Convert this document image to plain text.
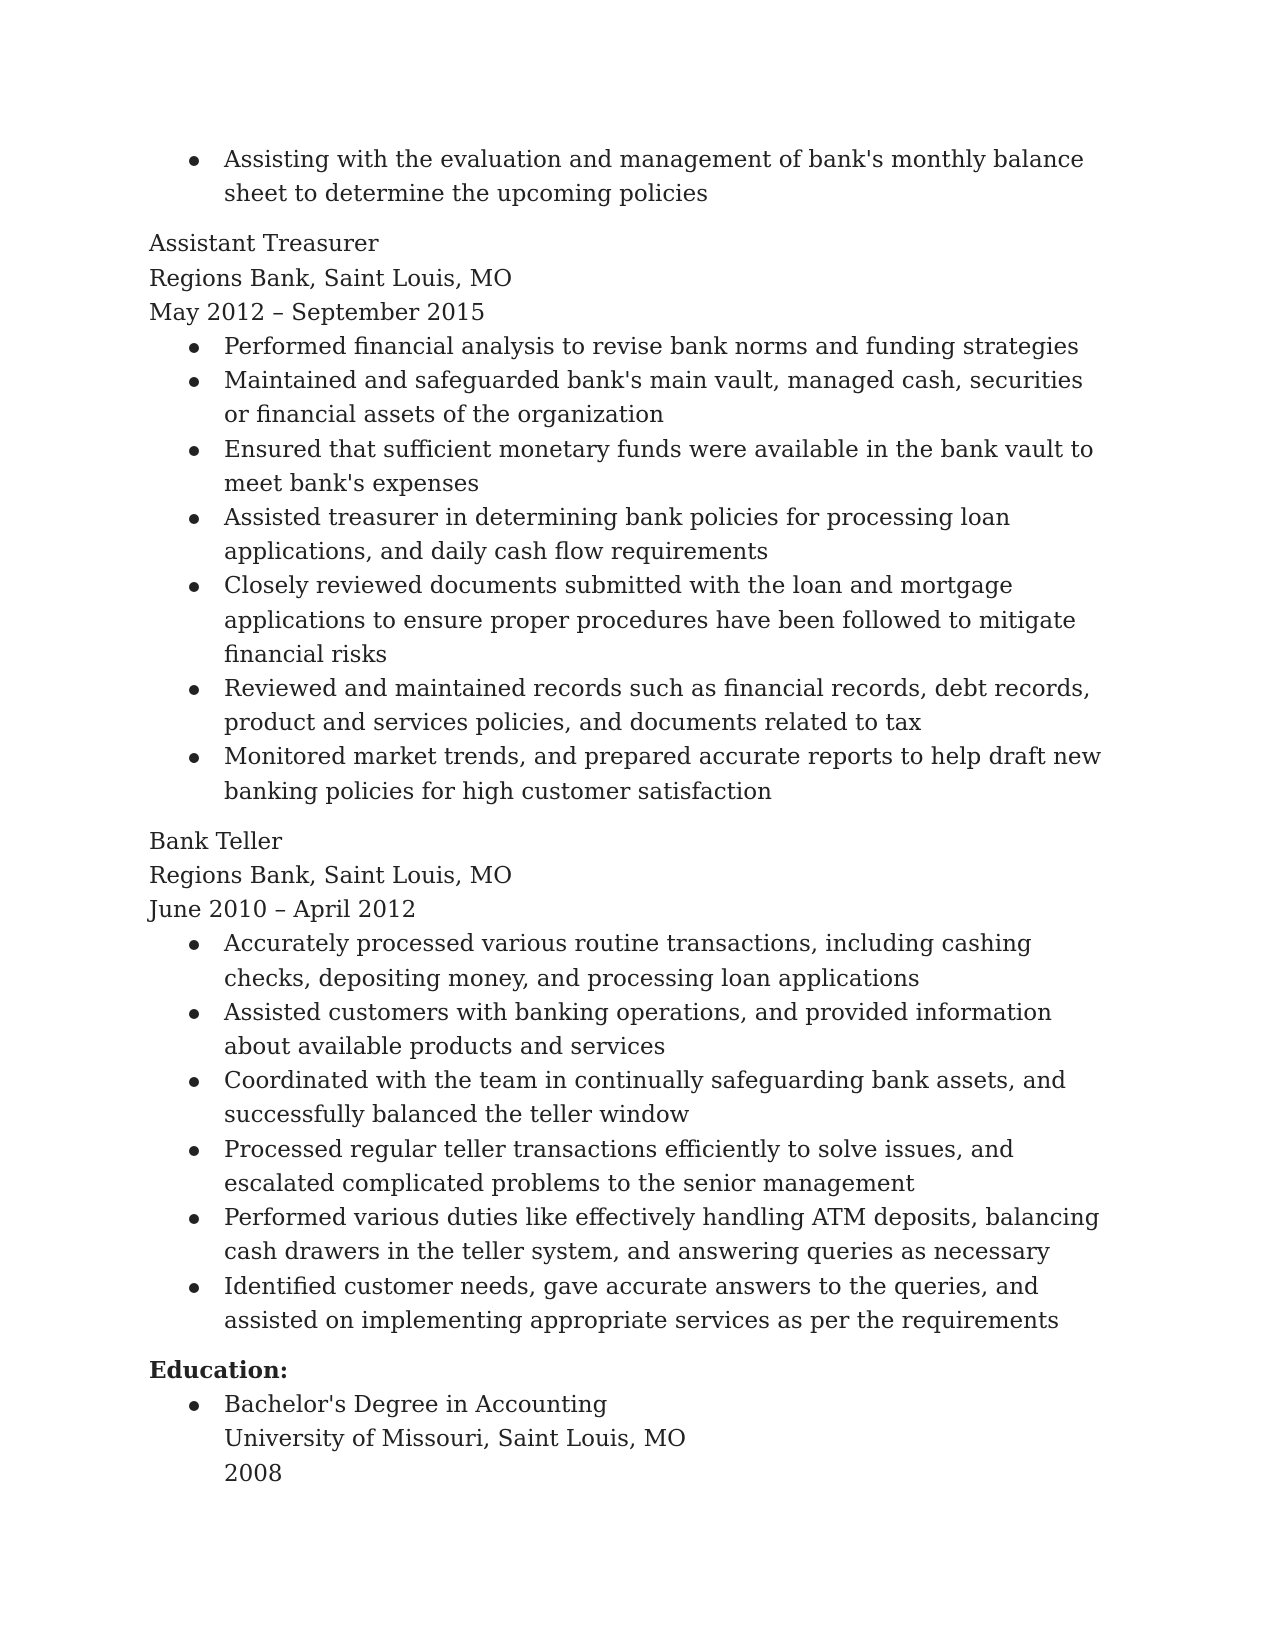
Assisting with the evaluation and management of bank's monthly balance sheet to determine the upcoming policies
Assistant Treasurer
Regions Bank, Saint Louis, MO
May 2012 – September 2015
Performed financial analysis to revise bank norms and funding strategies
Maintained and safeguarded bank's main vault, managed cash, securities or financial assets of the organization
Ensured that sufficient monetary funds were available in the bank vault to meet bank's expenses
Assisted treasurer in determining bank policies for processing loan applications, and daily cash flow requirements
Closely reviewed documents submitted with the loan and mortgage applications to ensure proper procedures have been followed to mitigate financial risks
Reviewed and maintained records such as financial records, debt records, product and services policies, and documents related to tax
Monitored market trends, and prepared accurate reports to help draft new banking policies for high customer satisfaction
Bank Teller
Regions Bank, Saint Louis, MO
June 2010 – April 2012
Accurately processed various routine transactions, including cashing checks, depositing money, and processing loan applications
Assisted customers with banking operations, and provided information about available products and services
Coordinated with the team in continually safeguarding bank assets, and successfully balanced the teller window
Processed regular teller transactions efficiently to solve issues, and escalated complicated problems to the senior management
Performed various duties like effectively handling ATM deposits, balancing cash drawers in the teller system, and answering queries as necessary
Identified customer needs, gave accurate answers to the queries, and assisted on implementing appropriate services as per the requirements
Education:
Bachelor's Degree in Accounting
University of Missouri, Saint Louis, MO
2008
